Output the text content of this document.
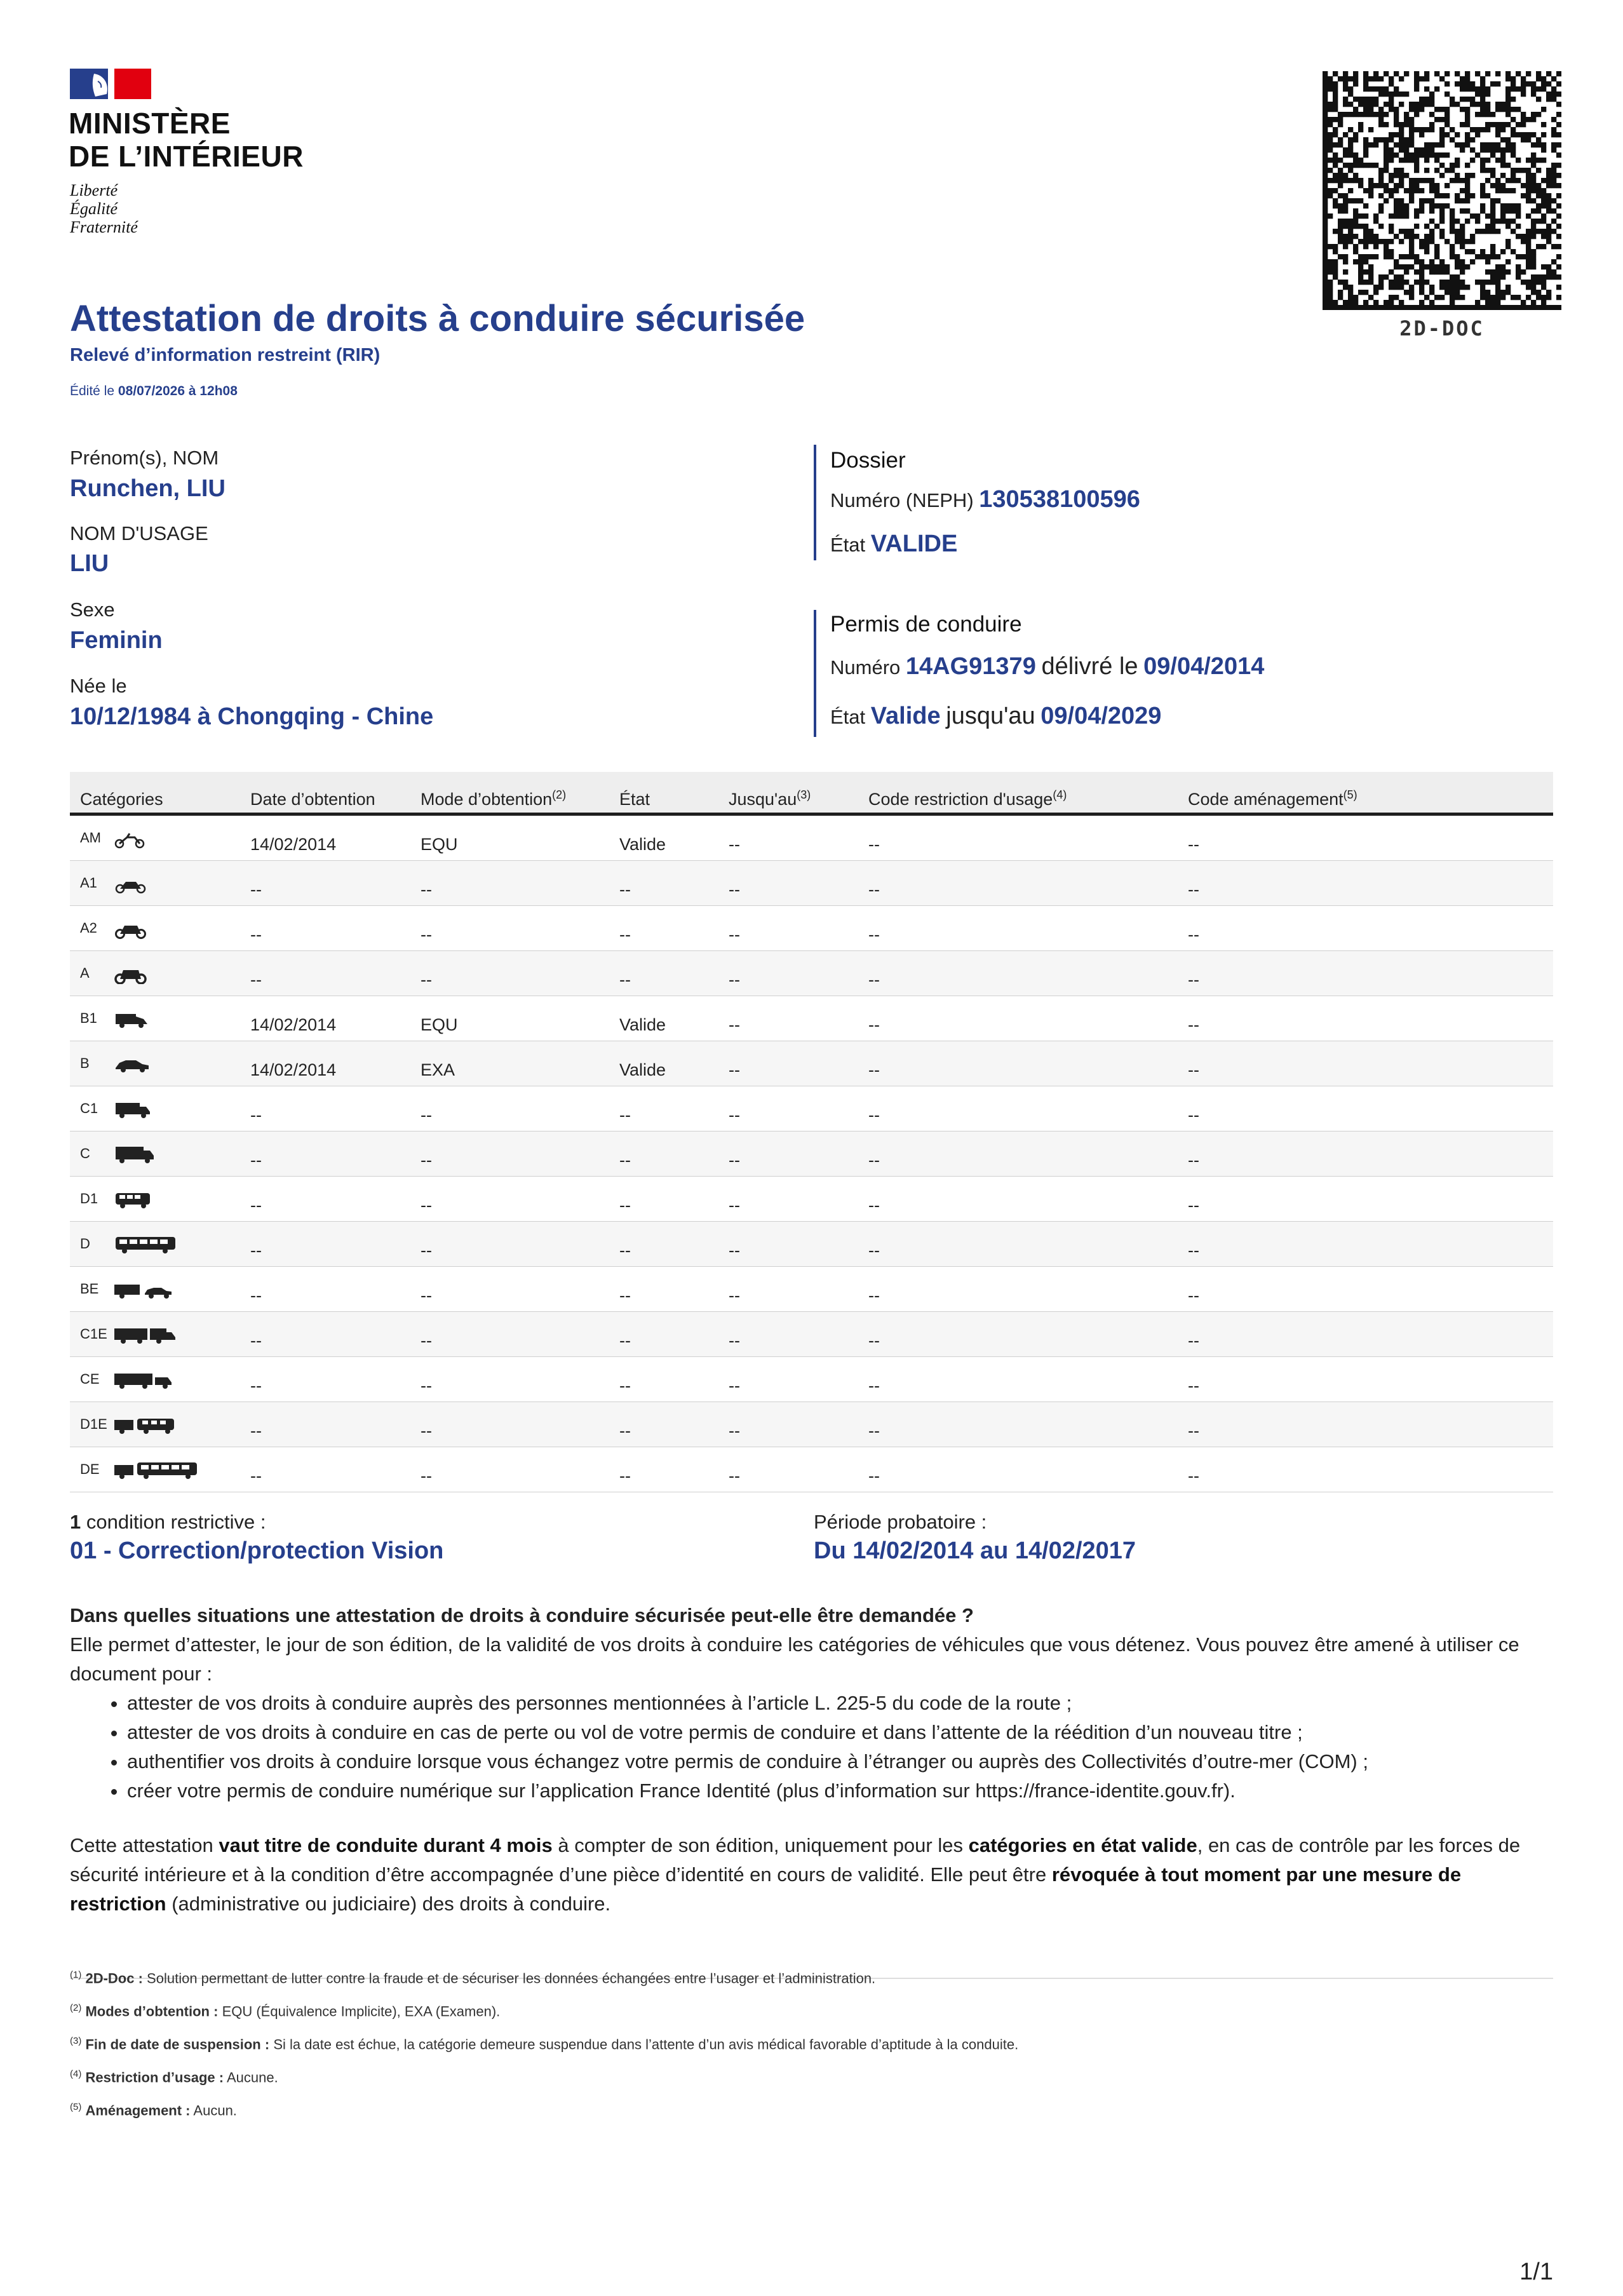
MINISTÈRE
DE L’INTÉRIEUR
Liberté
Égalité
Fraternité
2D-DOC
Attestation de droits à conduire sécurisée
Relevé d’information restreint (RIR)
Édité le 08/07/2026 à 12h08
Prénom(s), NOM
Runchen, LIU
NOM D'USAGE
LIU
Sexe
Feminin
Née le
10/12/1984 à Chongqing - Chine
Dossier
Numéro (NEPH) 130538100596
État VALIDE
Permis de conduire
Numéro 14AG91379 délivré le 09/04/2014
État Valide jusqu'au 09/04/2029
Catégories	Date d’obtention	Mode d’obtention$^{(2)}$	État	$Jusqu'au^{(3)}$	Code restriction d'usage$^{(4)}$	Code aménagement$^{(5)}$
AM	14/02/2014	EQU	Valide	--	--	--
A1	--	--	--	--	--	--
A2	--	--	--	--	--	--
A	--	--	--	--	--	--
B1	14/02/2014	EQU	Valide	--	--	--
B	14/02/2014	EXA	Valide	--	--	--
C1	--	--	--	--	--	--
C	--	--	--	--	--	--
D1	--	--	--	--	--	--
D	--	--	--	--	--	--
BE	--	--	--	--	--	--
C1E	--	--	--	--	--	--
CE	--	--	--	--	--	--
D1E	--	--	--	--	--	--
DE	--	--	--	--	--	--
1 condition restrictive :
01 - Correction/protection Vision
Période probatoire :
Du 14/02/2014 au 14/02/2017
Dans quelles situations une attestation de droits à conduire sécurisée peut-elle être demandée ?
Elle permet d’attester, le jour de son édition, de la validité de vos droits à conduire les catégories de véhicules que vous détenez. Vous pouvez être amené à utiliser ce document pour :
• attester de vos droits à conduire auprès des personnes mentionnées à l’article L. 225-5 du code de la route ;
• attester de vos droits à conduire en cas de perte ou vol de votre permis de conduire et dans l’attente de la réédition d’un nouveau titre ;
• authentifier vos droits à conduire lorsque vous échangez votre permis de conduire à l’étranger ou auprès des Collectivités d’outre-mer (COM) ;
• créer votre permis de conduire numérique sur l’application France Identité (plus d’information sur https://france-identite.gouv.fr).
Cette attestation vaut titre de conduite durant 4 mois à compter de son édition, uniquement pour les catégories en état valide, en cas de contrôle par les forces de sécurité intérieure et à la condition d’être accompagnée d’une pièce d’identité en cours de validité. Elle peut être révoquée à tout moment par une mesure de restriction (administrative ou judiciaire) des droits à conduire.
$^{(1)}$ 2D-Doc : Solution permettant de lutter contre la fraude et de sécuriser les données échangées entre l’usager et l’administration.
$^{(2)}$ Modes d’obtention : EQU (Équivalence Implicite), EXA (Examen).
$^{(3)}$ Fin de date de suspension : Si la date est échue, la catégorie demeure suspendue dans l’attente d’un avis médical favorable d’aptitude à la conduite.
$^{(4)}$ Restriction d’usage : Aucune.
$^{(5)}$ Aménagement : Aucun.
1/1
